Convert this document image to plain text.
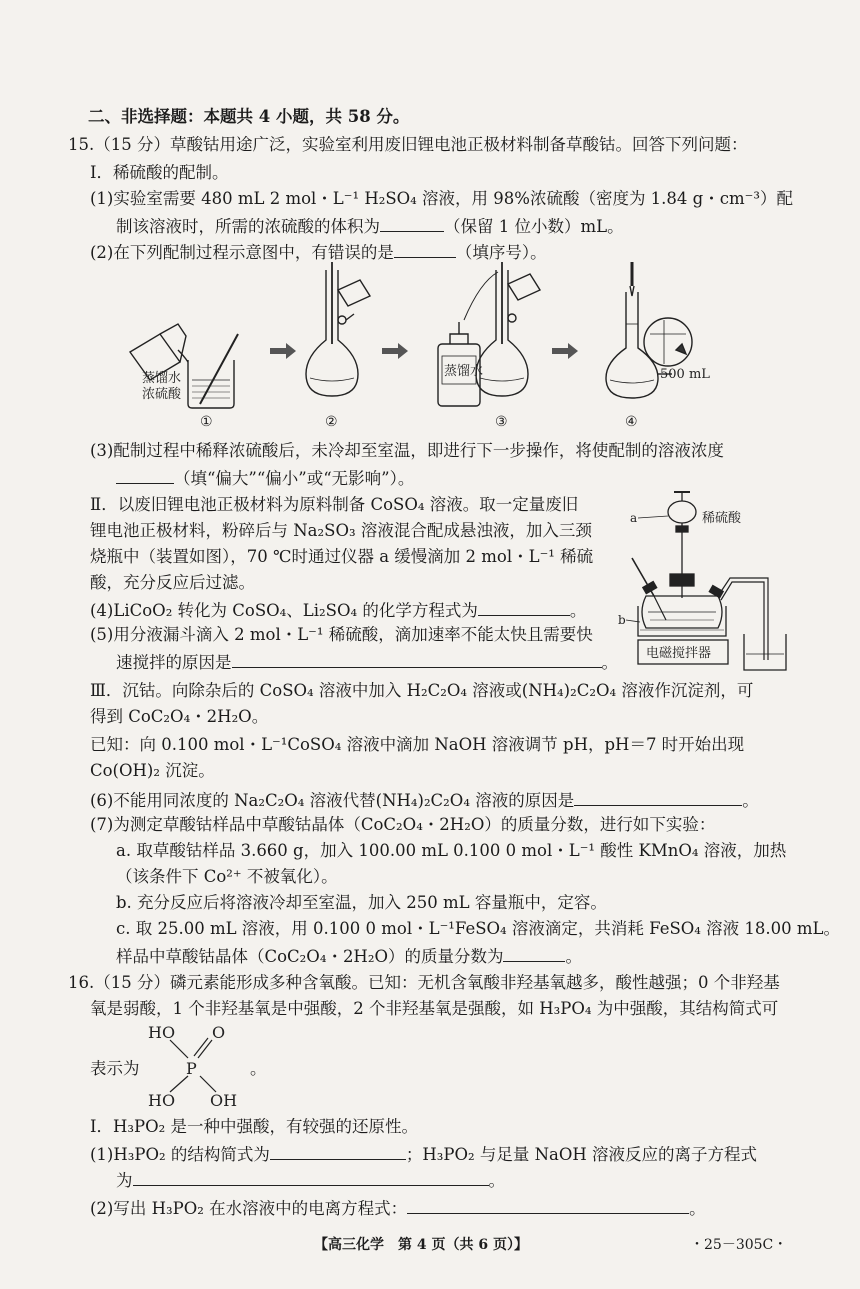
二、非选择题：本题共 4 小题，共 58 分。
15.（15 分）草酸钴用途广泛，实验室利用废旧锂电池正极材料制备草酸钴。回答下列问题：
Ⅰ．稀硫酸的配制。
(1)实验室需要 480 mL 2 mol・L⁻¹ H₂SO₄ 溶液，用 98%浓硫酸（密度为 1.84 g・cm⁻³）配
制该溶液时，所需的浓硫酸的体积为	（保留 1 位小数）mL。
(2)在下列配制过程示意图中，有错误的是	（填序号）。
蒸馏水
浓硫酸
蒸馏水	500 mL
①	②	③	④
(3)配制过程中稀释浓硫酸后，未冷却至室温，即进行下一步操作，将使配制的溶液浓度
（填“偏大”“偏小”或“无影响”）。
Ⅱ．以废旧锂电池正极材料为原料制备 CoSO₄ 溶液。取一定量废旧
锂电池正极材料，粉碎后与 Na₂SO₃ 溶液混合配成悬浊液，加入三颈
烧瓶中（装置如图），70 ℃时通过仪器 a 缓慢滴加 2 mol・L⁻¹ 稀硫
酸，充分反应后过滤。
(4)LiCoO₂ 转化为 CoSO₄、Li₂SO₄ 的化学方程式为	。
(5)用分液漏斗滴入 2 mol・L⁻¹ 稀硫酸，滴加速率不能太快且需要快
速搅拌的原因是	。
a	稀硫酸
b
电磁搅拌器
Ⅲ．沉钴。向除杂后的 CoSO₄ 溶液中加入 H₂C₂O₄ 溶液或(NH₄)₂C₂O₄ 溶液作沉淀剂，可
得到 CoC₂O₄・2H₂O。
已知：向 0.100 mol・L⁻¹CoSO₄ 溶液中滴加 NaOH 溶液调节 pH，pH＝7 时开始出现
Co(OH)₂ 沉淀。
(6)不能用同浓度的 Na₂C₂O₄ 溶液代替(NH₄)₂C₂O₄ 溶液的原因是	。
(7)为测定草酸钴样品中草酸钴晶体（CoC₂O₄・2H₂O）的质量分数，进行如下实验：
a. 取草酸钴样品 3.660 g，加入 100.00 mL 0.100 0 mol・L⁻¹ 酸性 KMnO₄ 溶液，加热
（该条件下 Co²⁺ 不被氧化）。
b. 充分反应后将溶液冷却至室温，加入 250 mL 容量瓶中，定容。
c. 取 25.00 mL 溶液，用 0.100 0 mol・L⁻¹FeSO₄ 溶液滴定，共消耗 FeSO₄ 溶液 18.00 mL。
样品中草酸钴晶体（CoC₂O₄・2H₂O）的质量分数为	。
16.（15 分）磷元素能形成多种含氧酸。已知：无机含氧酸非羟基氧越多，酸性越强；0 个非羟基
氧是弱酸，1 个非羟基氧是中强酸，2 个非羟基氧是强酸，如 H₃PO₄ 为中强酸，其结构简式可
表示为
HO O
P
HO OH
。
Ⅰ．H₃PO₂ 是一种中强酸，有较强的还原性。
(1)H₃PO₂ 的结构简式为	；H₃PO₂ 与足量 NaOH 溶液反应的离子方程式
为	。
(2)写出 H₃PO₂ 在水溶液中的电离方程式：	。
【高三化学　第 4 页（共 6 页）】	・25－305C・
